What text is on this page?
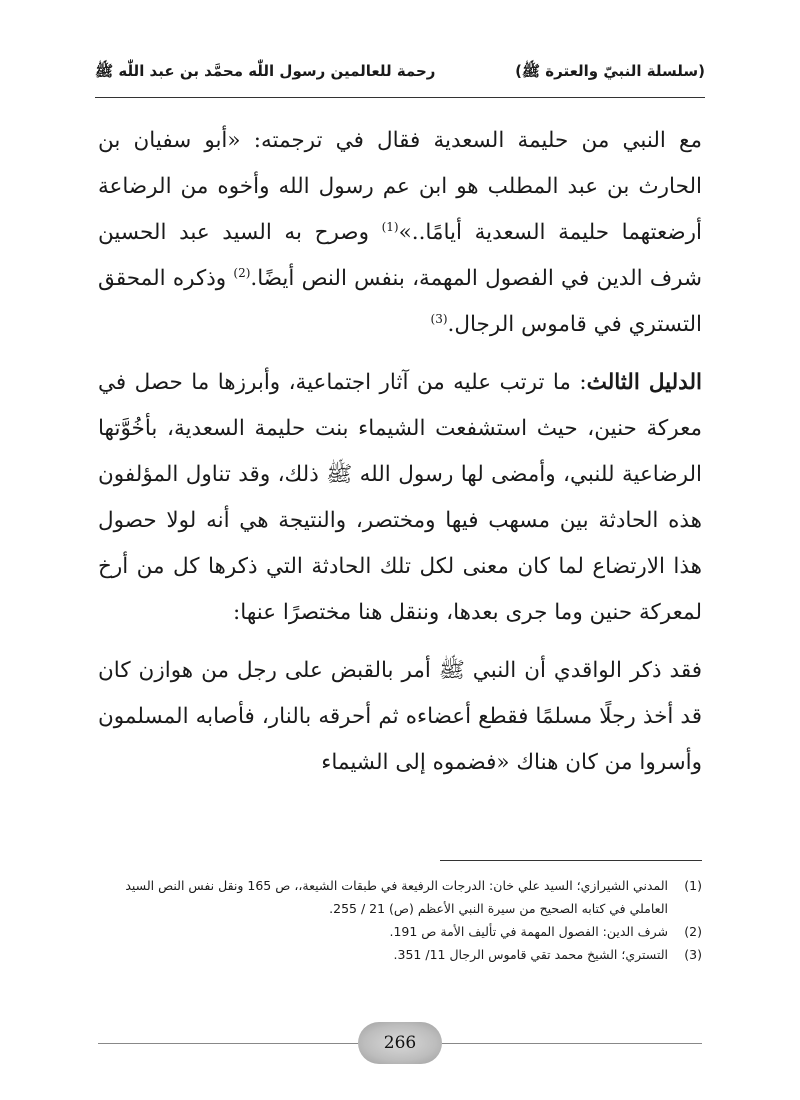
(سلسلة النبيّ والعترة ﷺ)
رحمة للعالمين رسول اللّٰه محمَّد بن عبد اللّٰه ﷺ

مع النبي من حليمة السعدية فقال في ترجمته: «أبو سفيان بن الحارث بن عبد المطلب هو ابن عم رسول الله وأخوه من الرضاعة أرضعتهما حليمة السعدية أيامًا..»$^{(1)}$ وصرح به السيد عبد الحسين شرف الدين في الفصول المهمة، بنفس النص أيضًا.$^{(2)}$ وذكره المحقق التستري في قاموس الرجال.$^{(3)}$

الدليل الثالث: ما ترتب عليه من آثار اجتماعية، وأبرزها ما حصل في معركة حنين، حيث استشفعت الشيماء بنت حليمة السعدية، بأخُوَّتها الرضاعية للنبي، وأمضى لها رسول الله ﷺ ذلك، وقد تناول المؤلفون هذه الحادثة بين مسهب فيها ومختصر، والنتيجة هي أنه لولا حصول هذا الارتضاع لما كان معنى لكل تلك الحادثة التي ذكرها كل من أرخ لمعركة حنين وما جرى بعدها، وننقل هنا مختصرًا عنها:

فقد ذكر الواقدي أن النبي ﷺ أمر بالقبض على رجل من هوازن كان قد أخذ رجلًا مسلمًا فقطع أعضاءه ثم أحرقه بالنار، فأصابه المسلمون وأسروا من كان هناك «فضموه إلى الشيماء

(1)
المدني الشيرازي؛ السيد علي خان: الدرجات الرفيعة في طبقات الشيعة،، ص 165 ونقل نفس النص السيد العاملي في كتابه الصحيح من سيرة النبي الأعظم (ص) 21 / 255.
(2)
شرف الدين: الفصول المهمة في تأليف الأمة ص 191.
(3)
التستري؛ الشيخ محمد تقي قاموس الرجال 11/ 351.
266
